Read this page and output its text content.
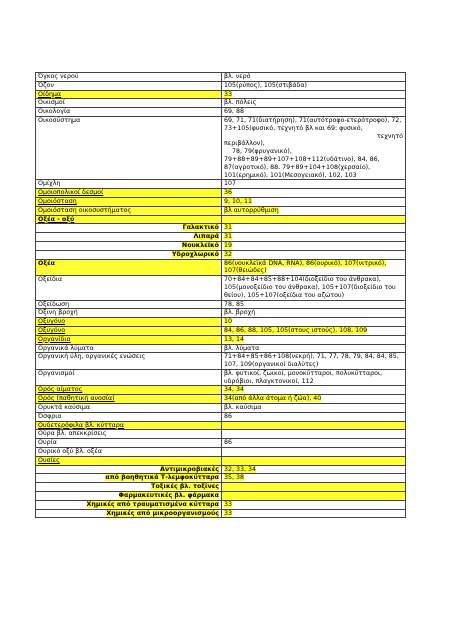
Όγκος νερού	βλ. νερό

Όζον	105(ρύπος), 105(στιβάδα)

Οίδημα	33

Οικισμοί	βλ. πόλεις

Οικολογία	69, 88

Οικοσύστημα	69, 71, 71(διατήρηση), 71(αυτότροφο-ετερότροφο), 72, 73+105(φυσικό, τεχνητό βλ και 69: φυσικό,
τεχνητό
περιβάλλον),
78, 79(φρυγανικό),
79+88+89+89+107+108+112(υδάτινο), 84, 86, 87(αγροτικό), 88, 79+89+104+108(χερσαίο), 101(ερημικό), 101(Μεσογειακό), 102, 103

Ομίχλη	107

Ομοιοπολικοί δεσμοί	36

Ομοιόσταση	9, 10, 11

Ομοιόσταση οικοσυστήματος	βλ αυτορρύθμιση

Οξέα - οξύ	

Γαλακτικό	31

Λιπαρά	31

Νουκλεϊκό	19

Υδροχλωρικό	32

Οξέα	86(νουκλεϊκά DNA, RNA), 86(ουρικό), 107(νιτρικό), 107(θειώδες)

Οξείδια	70+84+84+85+88+104(διοξείδιο του άνθρακα), 105(μονοξείδιο του άνθρακα), 105+107(διοξείδιο του θείου), 105+107(οξείδια του αζώτου)

Οξείδωση	78, 85

Όξινη βροχή	βλ. βροχή

Οξυγόνο	10

Οξυγόνο	84, 86, 88, 105, 105(στους ιστούς), 108, 109

Οργανίδια	13, 14

Οργανικά λύματα	βλ. λύματα

Οργανική ύλη, οργανικές ενώσεις	71+84+85+86+108(νεκρή), 71, 77, 78, 79, 84, 84, 85, 107, 109(οργανικοί διαλύτες)

Οργανισμοί	βλ. φυτικοί, ζωικοί, μονοκύτταροι, πολυκύτταροι, υδρόβιοι, πλαγκτονικοί, 112

Ορός αίματος	34, 34

Ορός (παθητική ανοσία)	34(από άλλα άτομα ή ζώα), 40

Ορυκτά καύσιμα	βλ. καύσιμα

Όσφρια	86

Ουδετερόφιλα βλ. κύτταρα	

Ούρα βλ. απεκκρίσεις	

Ουρία	86

Ουρικό οξύ βλ. οξέα	

Ουσίες	

Αντιμικροβιακές	32, 33, 34

από βοηθητικά Τ-λεμφοκύτταρα	35, 38

Τοξικές βλ. τοξίνες	

Φαρμακευτικές βλ. φάρμακα	

Χημικές από τραυματισμένα κύτταρα	33

Χημικές από μικροοργανισμούς	33
